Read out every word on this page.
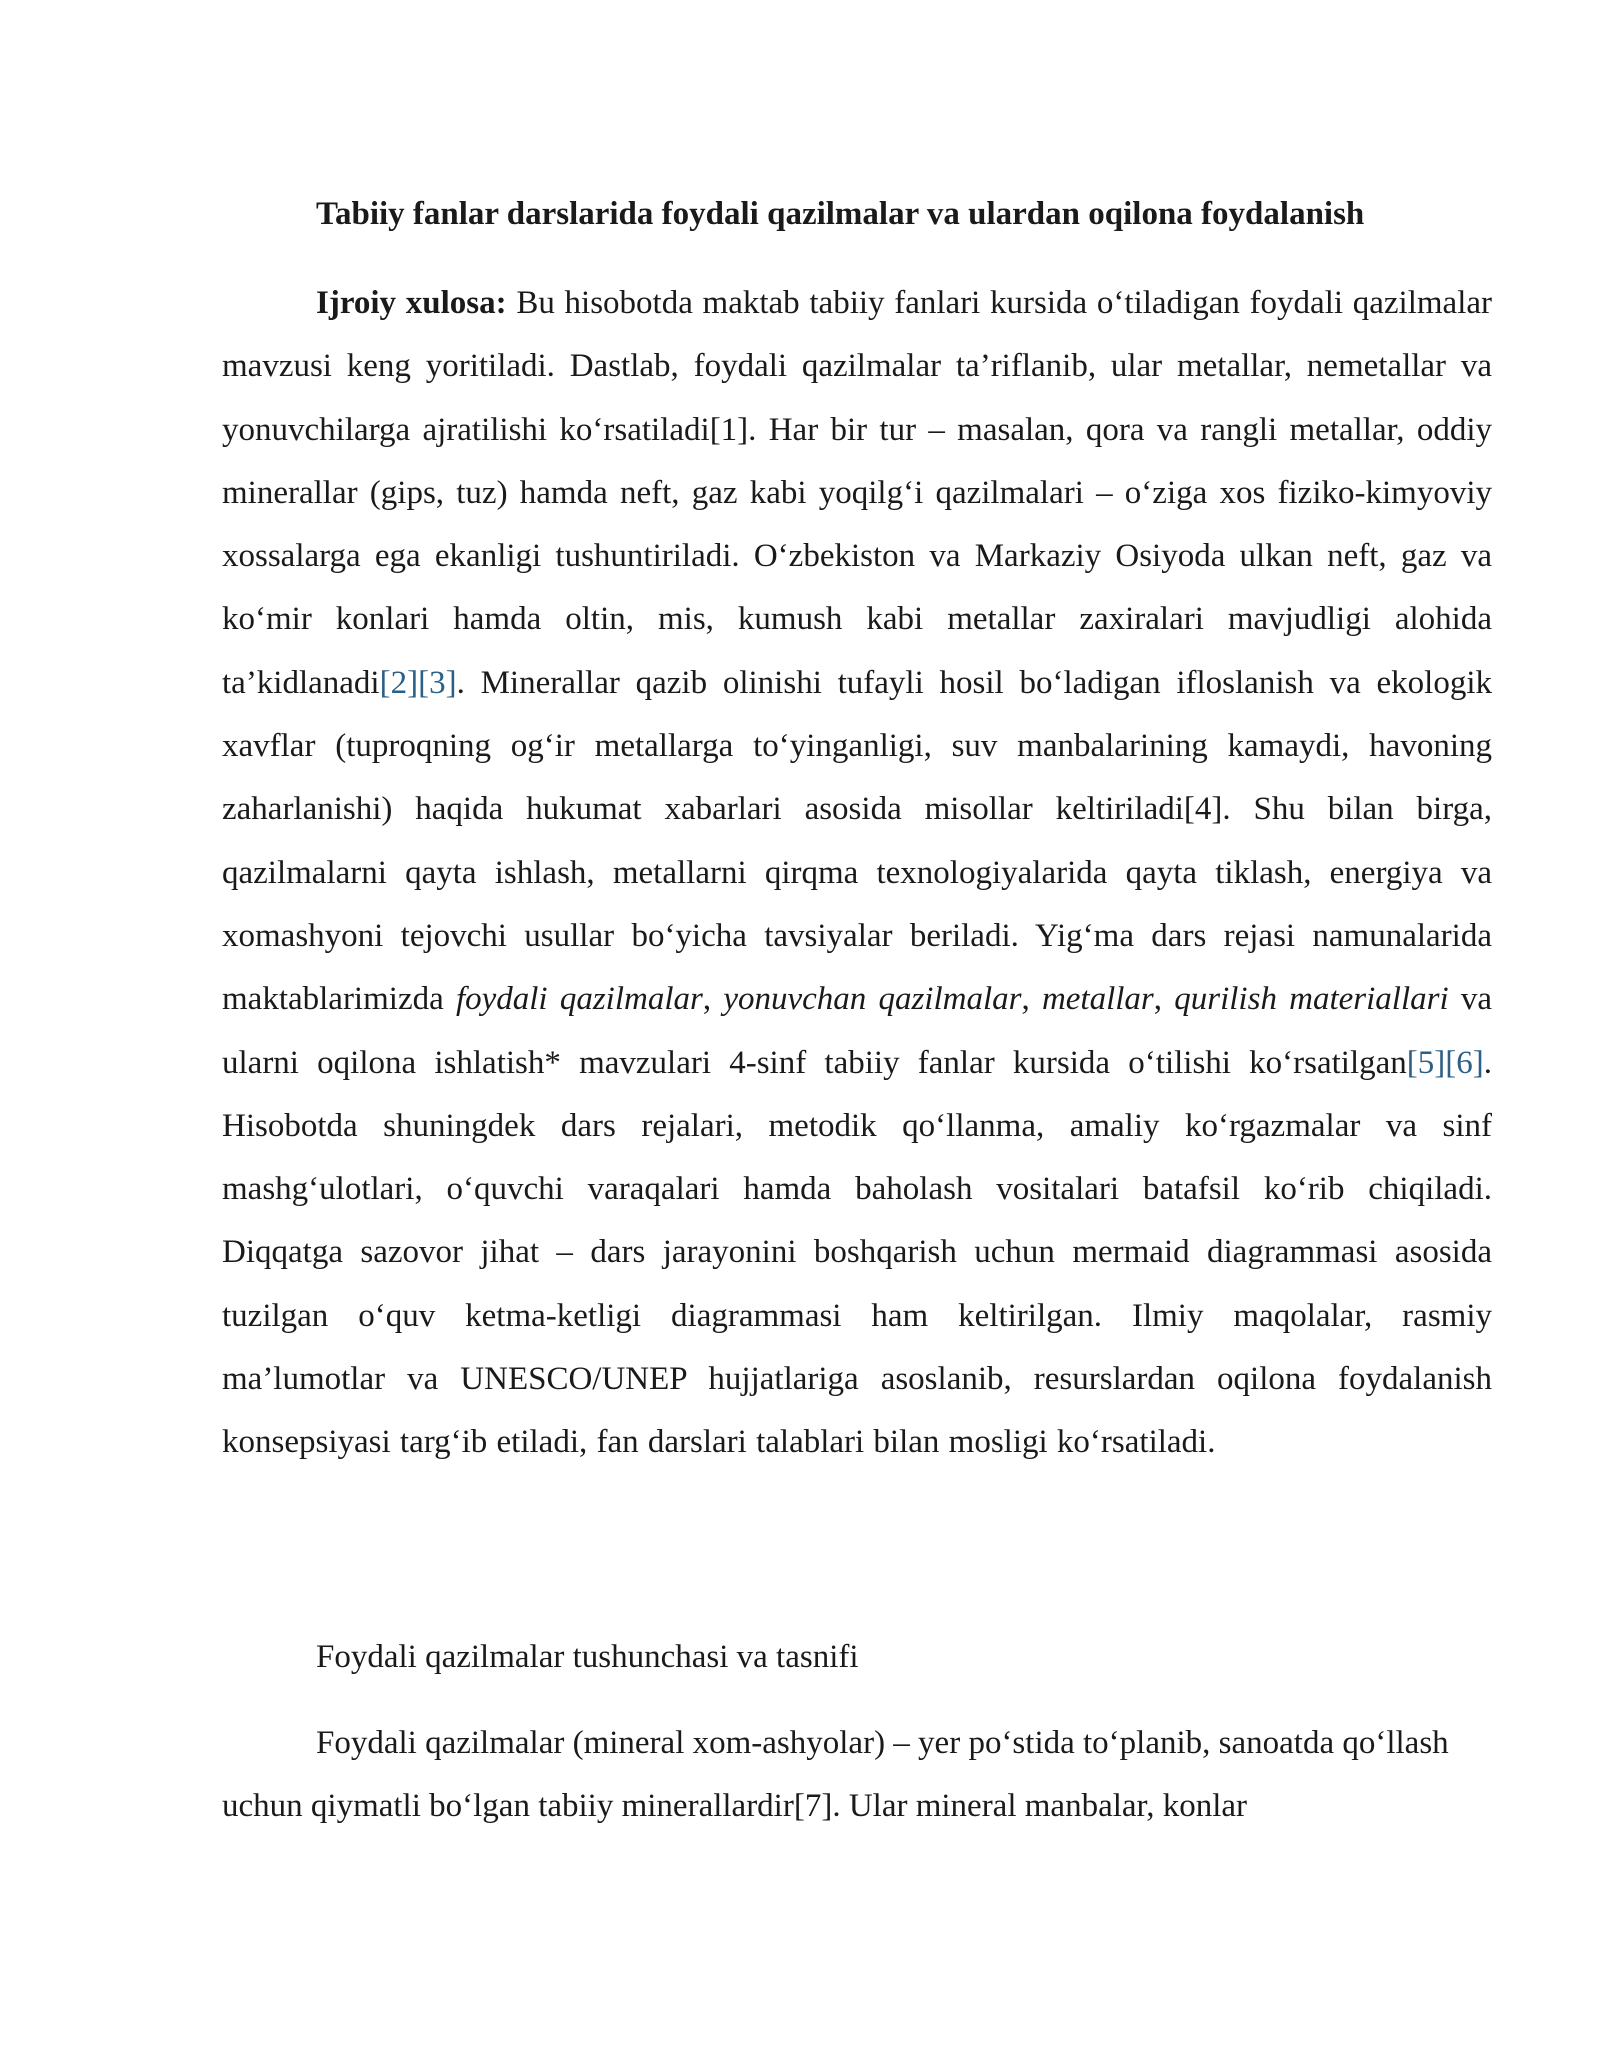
Tabiiy fanlar darslarida foydali qazilmalar va ulardan oqilona foydalanish

Ijroiy xulosa: Bu hisobotda maktab tabiiy fanlari kursida oʻtiladigan foydali qazilmalar mavzusi keng yoritiladi. Dastlab, foydali qazilmalar ta’riflanib, ular metallar, nemetallar va yonuvchilarga ajratilishi koʻrsatiladi[1]. Har bir tur – masalan, qora va rangli metallar, oddiy minerallar (gips, tuz) hamda neft, gaz kabi yoqilgʻi qazilmalari – oʻziga xos fiziko-kimyoviy xossalarga ega ekanligi tushuntiriladi. Oʻzbekiston va Markaziy Osiyoda ulkan neft, gaz va koʻmir konlari hamda oltin, mis, kumush kabi metallar zaxiralari mavjudligi alohida ta’kidlanadi[2][3]. Minerallar qazib olinishi tufayli hosil boʻladigan ifloslanish va ekologik xavflar (tuproqning ogʻir metallarga toʻyinganligi, suv manbalarining kamaydi, havoning zaharlanishi) haqida hukumat xabarlari asosida misollar keltiriladi[4]. Shu bilan birga, qazilmalarni qayta ishlash, metallarni qirqma texnologiyalarida qayta tiklash, energiya va xomashyoni tejovchi usullar boʻyicha tavsiyalar beriladi. Yigʻma dars rejasi namunalarida maktablarimizda foydali qazilmalar, yonuvchan qazilmalar, metallar, qurilish materiallari va ularni oqilona ishlatish* mavzulari 4-sinf tabiiy fanlar kursida oʻtilishi koʻrsatilgan[5][6]. Hisobotda shuningdek dars rejalari, metodik qoʻllanma, amaliy koʻrgazmalar va sinf mashgʻulotlari, oʻquvchi varaqalari hamda baholash vositalari batafsil koʻrib chiqiladi. Diqqatga sazovor jihat – dars jarayonini boshqarish uchun mermaid diagrammasi asosida tuzilgan oʻquv ketma-ketligi diagrammasi ham keltirilgan. Ilmiy maqolalar, rasmiy ma’lumotlar va UNESCO/UNEP hujjatlariga asoslanib, resurslardan oqilona foydalanish konsepsiyasi targʻib etiladi, fan darslari talablari bilan mosligi koʻrsatiladi.

Foydali qazilmalar tushunchasi va tasnifi

Foydali qazilmalar (mineral xom-ashyolar) – yer poʻstida toʻplanib, sanoatda qoʻllash uchun qiymatli boʻlgan tabiiy minerallardir[7]. Ular mineral manbalar, konlar
